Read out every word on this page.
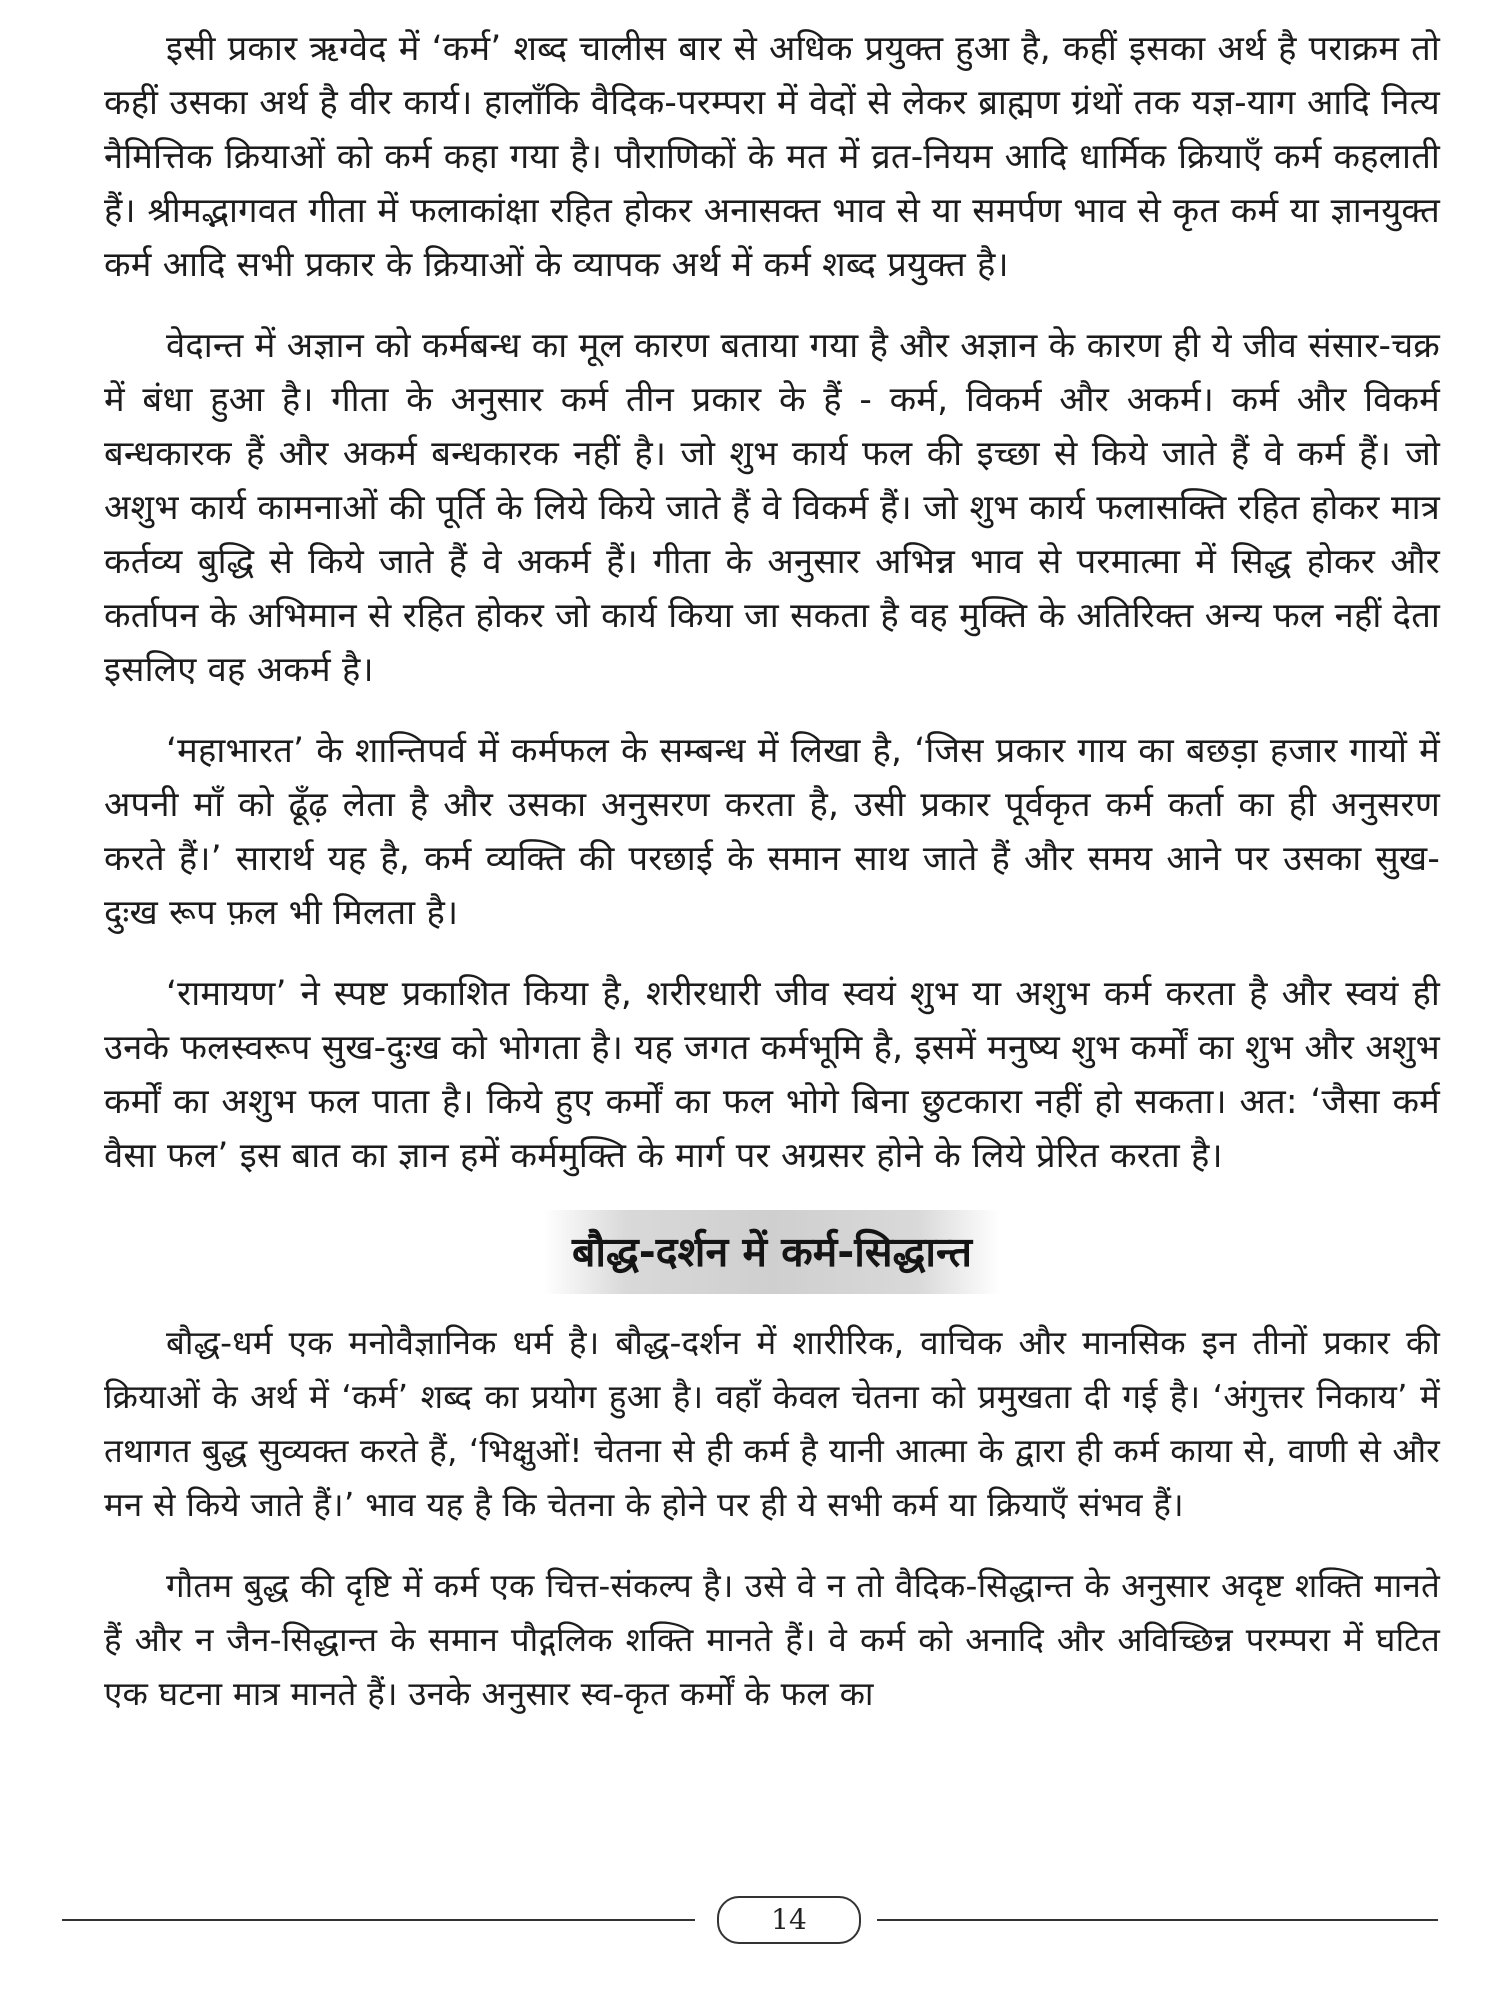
इसी प्रकार ऋग्वेद में ‘कर्म’ शब्द चालीस बार से अधिक प्रयुक्त हुआ है, कहीं इसका अर्थ है पराक्रम तो कहीं उसका अर्थ है वीर कार्य। हालाँकि वैदिक-परम्परा में वेदों से लेकर ब्राह्मण ग्रंथों तक यज्ञ-याग आदि नित्य नैमित्तिक क्रियाओं को कर्म कहा गया है। पौराणिकों के मत में व्रत-नियम आदि धार्मिक क्रियाएँ कर्म कहलाती हैं। श्रीमद्भागवत गीता में फलाकांक्षा रहित होकर अनासक्त भाव से या समर्पण भाव से कृत कर्म या ज्ञानयुक्त कर्म आदि सभी प्रकार के क्रियाओं के व्यापक अर्थ में कर्म शब्द प्रयुक्त है।

वेदान्त में अज्ञान को कर्मबन्ध का मूल कारण बताया गया है और अज्ञान के कारण ही ये जीव संसार-चक्र में बंधा हुआ है। गीता के अनुसार कर्म तीन प्रकार के हैं - कर्म, विकर्म और अकर्म। कर्म और विकर्म बन्धकारक हैं और अकर्म बन्धकारक नहीं है। जो शुभ कार्य फल की इच्छा से किये जाते हैं वे कर्म हैं। जो अशुभ कार्य कामनाओं की पूर्ति के लिये किये जाते हैं वे विकर्म हैं। जो शुभ कार्य फलासक्ति रहित होकर मात्र कर्तव्य बुद्धि से किये जाते हैं वे अकर्म हैं। गीता के अनुसार अभिन्न भाव से परमात्मा में सिद्ध होकर और कर्तापन के अभिमान से रहित होकर जो कार्य किया जा सकता है वह मुक्ति के अतिरिक्त अन्य फल नहीं देता इसलिए वह अकर्म है।

‘महाभारत’ के शान्तिपर्व में कर्मफल के सम्बन्ध में लिखा है, ‘जिस प्रकार गाय का बछड़ा हजार गायों में अपनी माँ को ढूँढ़ लेता है और उसका अनुसरण करता है, उसी प्रकार पूर्वकृत कर्म कर्ता का ही अनुसरण करते हैं।’ सारार्थ यह है, कर्म व्यक्ति की परछाई के समान साथ जाते हैं और समय आने पर उसका सुख-दुःख रूप फ़ल भी मिलता है।

‘रामायण’ ने स्पष्ट प्रकाशित किया है, शरीरधारी जीव स्वयं शुभ या अशुभ कर्म करता है और स्वयं ही उनके फलस्वरूप सुख-दुःख को भोगता है। यह जगत कर्मभूमि है, इसमें मनुष्य शुभ कर्मों का शुभ और अशुभ कर्मों का अशुभ फल पाता है। किये हुए कर्मों का फल भोगे बिना छुटकारा नहीं हो सकता। अत: ‘जैसा कर्म वैसा फल’ इस बात का ज्ञान हमें कर्ममुक्ति के मार्ग पर अग्रसर होने के लिये प्रेरित करता है।

बौद्ध-दर्शन में कर्म-सिद्धान्त

बौद्ध-धर्म एक मनोवैज्ञानिक धर्म है। बौद्ध-दर्शन में शारीरिक, वाचिक और मानसिक इन तीनों प्रकार की क्रियाओं के अर्थ में ‘कर्म’ शब्द का प्रयोग हुआ है। वहाँ केवल चेतना को प्रमुखता दी गई है। ‘अंगुत्तर निकाय’ में तथागत बुद्ध सुव्यक्त करते हैं, ‘भिक्षुओं! चेतना से ही कर्म है यानी आत्मा के द्वारा ही कर्म काया से, वाणी से और मन से किये जाते हैं।’ भाव यह है कि चेतना के होने पर ही ये सभी कर्म या क्रियाएँ संभव हैं।

गौतम बुद्ध की दृष्टि में कर्म एक चित्त-संकल्प है। उसे वे न तो वैदिक-सिद्धान्त के अनुसार अदृष्ट शक्ति मानते हैं और न जैन-सिद्धान्त के समान पौद्गलिक शक्ति मानते हैं। वे कर्म को अनादि और अविच्छिन्न परम्परा में घटित एक घटना मात्र मानते हैं। उनके अनुसार स्व-कृत कर्मों के फल का

14
